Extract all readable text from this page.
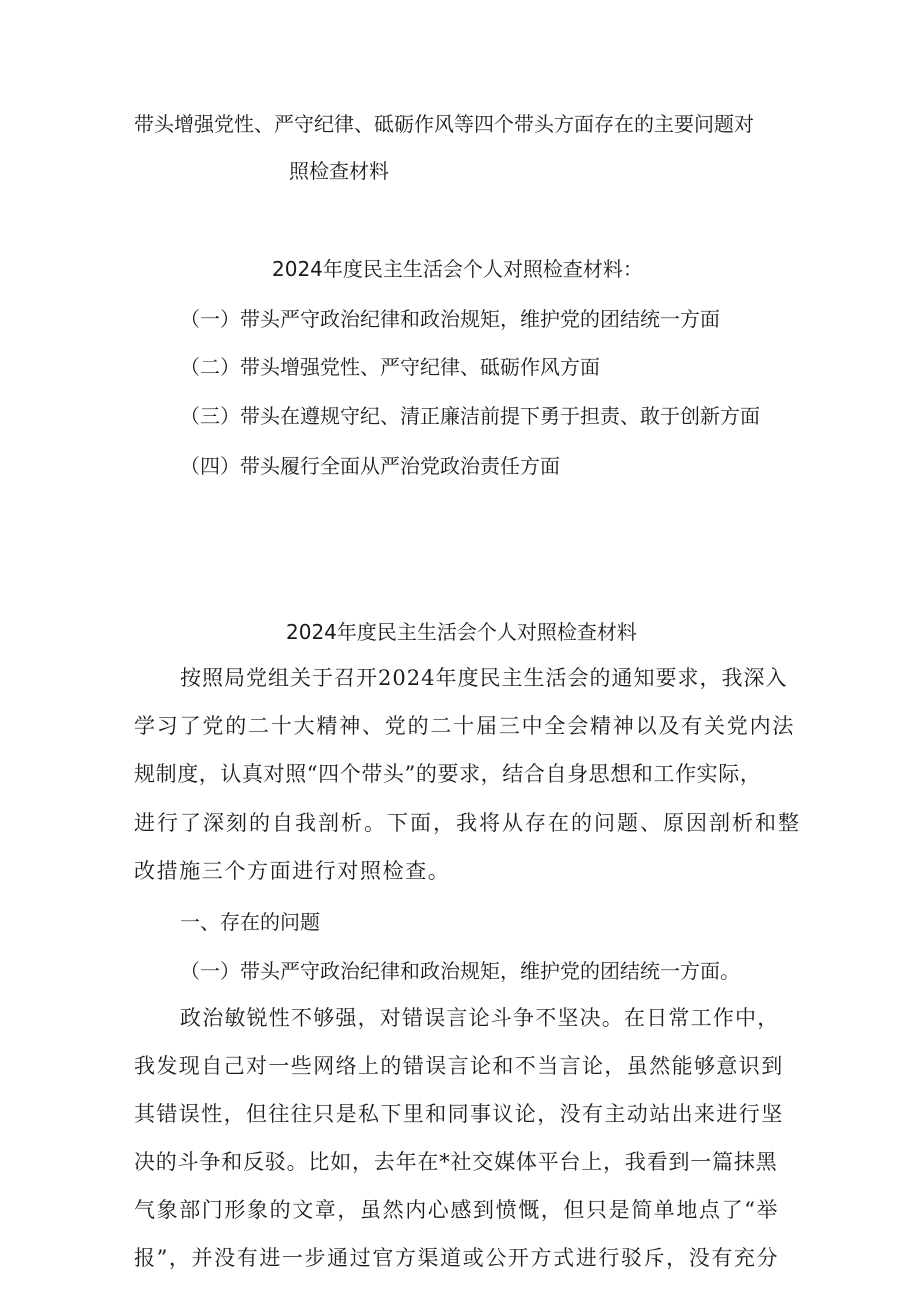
带头增强党性、严守纪律、砥砺作风等四个带头方面存在的主要问题对
照检查材料
2024年度民主生活会个人对照检查材料：
（一）带头严守政治纪律和政治规矩，维护党的团结统一方面
（二）带头增强党性、严守纪律、砥砺作风方面
（三）带头在遵规守纪、清正廉洁前提下勇于担责、敢于创新方面
（四）带头履行全面从严治党政治责任方面
2024年度民主生活会个人对照检查材料
按照局党组关于召开2024年度民主生活会的通知要求，我深入
学习了党的二十大精神、党的二十届三中全会精神以及有关党内法
规制度，认真对照“四个带头”的要求，结合自身思想和工作实际，
进行了深刻的自我剖析。下面，我将从存在的问题、原因剖析和整
改措施三个方面进行对照检查。
一、存在的问题
（一）带头严守政治纪律和政治规矩，维护党的团结统一方面。
政治敏锐性不够强，对错误言论斗争不坚决。在日常工作中，
我发现自己对一些网络上的错误言论和不当言论，虽然能够意识到
其错误性，但往往只是私下里和同事议论，没有主动站出来进行坚
决的斗争和反驳。比如，去年在*社交媒体平台上，我看到一篇抹黑
气象部门形象的文章，虽然内心感到愤慨，但只是简单地点了“举
报”，并没有进一步通过官方渠道或公开方式进行驳斥，没有充分
